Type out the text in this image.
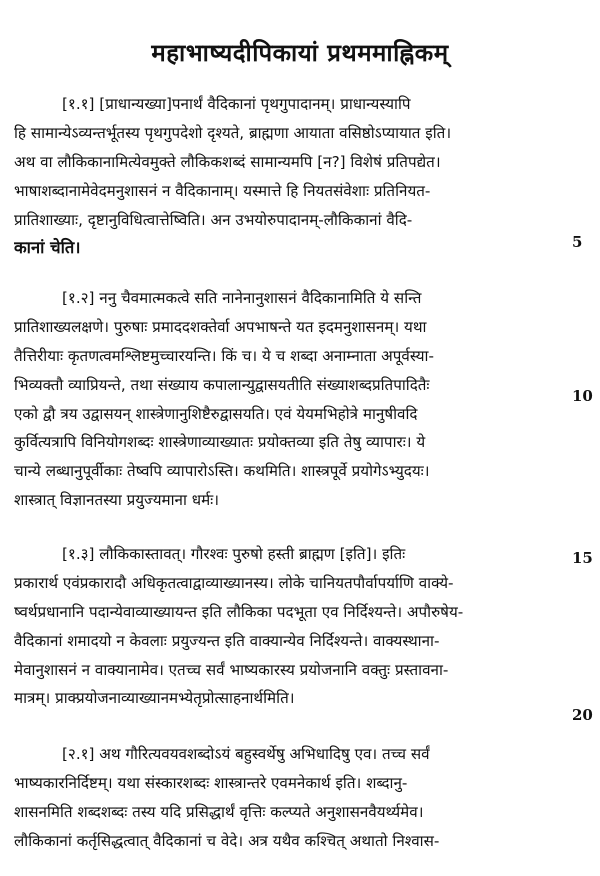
महाभाष्यदीपिकायां प्रथममाह्निकम्
[१.१] [प्राधान्यख्या]पनार्थं वैदिकानां पृथगुपादानम्। प्राधान्यस्यापि
हि सामान्येऽव्यन्तर्भूतस्य पृथगुपदेशो दृश्यते, ब्राह्मणा आयाता वसिष्ठोऽप्यायात इति।
अथ वा लौकिकानामित्येवमुक्ते लौकिकशब्दं सामान्यमपि [न?] विशेषं प्रतिपद्येत।
भाषाशब्दानामेवेदमनुशासनं न वैदिकानाम्। यस्मात्ते हि नियतसंवेशाः प्रतिनियत-
प्रातिशाख्याः, दृष्टानुविधित्वात्तेष्विति। अन उभयोरुपादानम्-लौकिकानां वैदि-
कानां चेति।
[१.२] ननु चैवमात्मकत्वे सति नानेनानुशासनं वैदिकानामिति ये सन्ति
प्रातिशाख्यलक्षणे। पुरुषाः प्रमाददशक्तेर्वा अपभाषन्ते यत इदमनुशासनम्। यथा
तैत्तिरीयाः कृतणत्वमश्लिष्टमुच्चारयन्ति। किं च। ये च शब्दा अनाम्नाता अपूर्वस्या-
भिव्यक्तौ व्याप्रियन्ते, तथा संख्याय कपालान्युद्वासयतीति संख्याशब्दप्रतिपादितैः
एको द्वौ त्रय उद्वासयन् शास्त्रेणानुशिष्टैरुद्वासयति। एवं येयमभिहोत्रे मानुषीवदि
कुर्वित्यत्रापि विनियोगशब्दः शास्त्रेणाव्याख्यातः प्रयोक्तव्या इति तेषु व्यापारः। ये
चान्ये लब्धानुपूर्वीकाः तेष्वपि व्यापारोऽस्ति। कथमिति। शास्त्रपूर्वे प्रयोगेऽभ्युदयः।
शास्त्रात् विज्ञानतस्या प्रयुज्यमाना धर्मः।
[१.३] लौकिकास्तावत्। गौरश्वः पुरुषो हस्ती ब्राह्मण [इति]। इतिः
प्रकारार्थ एवंप्रकारादौ अधिकृतत्वाद्वाव्याख्यानस्य। लोके चानियतपौर्वापर्याणि वाक्ये-
ष्वर्थप्रधानानि पदान्येवाव्याख्यायन्त इति लौकिका पदभूता एव निर्दिश्यन्ते। अपौरुषेय-
वैदिकानां शमादयो न केवलाः प्रयुज्यन्त इति वाक्यान्येव निर्दिश्यन्ते। वाक्यस्थाना-
मेवानुशासनं न वाक्यानामेव। एतच्च सर्वं भाष्यकारस्य प्रयोजनानि वक्तुः प्रस्तावना-
मात्रम्। प्राक्प्रयोजनाव्याख्यानमभ्येतृप्रोत्साहनार्थमिति।
[२.१] अथ गौरित्यवयवशब्दोऽयं बहुस्वर्थेषु अभिधादिषु एव। तच्च सर्वं
भाष्यकारनिर्दिष्टम्। यथा संस्कारशब्दः शास्त्रान्तरे एवमनेकार्थ इति। शब्दानु-
शासनमिति शब्दशब्दः तस्य यदि प्रसिद्धार्थं वृत्तिः कल्प्यते अनुशासनवैयर्थ्यमेव।
लौकिकानां कर्तृसिद्धत्वात् वैदिकानां च वेदे। अत्र यथैव कश्चित् अथातो निश्वास-
5
10
15
20
